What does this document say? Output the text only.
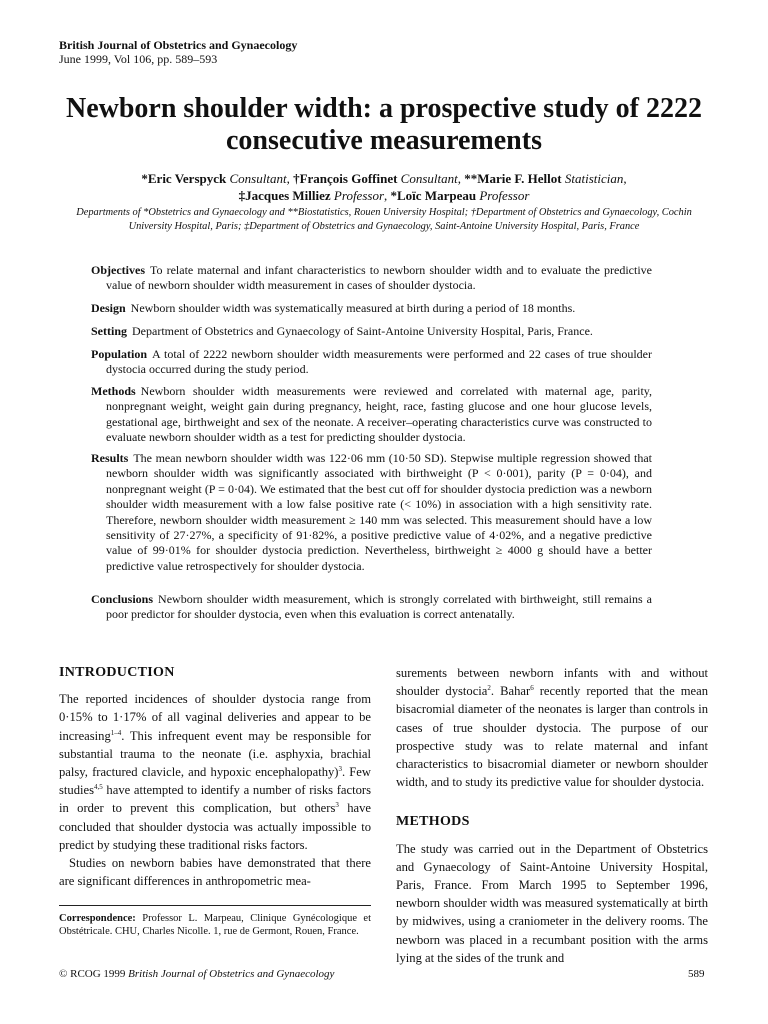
British Journal of Obstetrics and Gynaecology
June 1999, Vol 106, pp. 589–593
Newborn shoulder width: a prospective study of 2222
consecutive measurements
*Eric Verspyck Consultant, †François Goffinet Consultant, **Marie F. Hellot Statistician,
‡Jacques Milliez Professor, *Loïc Marpeau Professor
Departments of *Obstetrics and Gynaecology and **Biostatistics, Rouen University Hospital; †Department of Obstetrics and Gynaecology, Cochin University Hospital, Paris; ‡Department of Obstetrics and Gynaecology, Saint-Antoine University Hospital, Paris, France

Objectives To relate maternal and infant characteristics to newborn shoulder width and to evaluate the predictive value of newborn shoulder width measurement in cases of shoulder dystocia.

Design Newborn shoulder width was systematically measured at birth during a period of 18 months.

Setting Department of Obstetrics and Gynaecology of Saint-Antoine University Hospital, Paris, France.

Population A total of 2222 newborn shoulder width measurements were performed and 22 cases of true shoulder dystocia occurred during the study period.

Methods Newborn shoulder width measurements were reviewed and correlated with maternal age, parity, nonpregnant weight, weight gain during pregnancy, height, race, fasting glucose and one hour glucose levels, gestational age, birthweight and sex of the neonate. A receiver–operating characteristics curve was constructed to evaluate newborn shoulder width as a test for predicting shoulder dystocia.

Results The mean newborn shoulder width was 122·06 mm (10·50 SD). Stepwise multiple regression showed that newborn shoulder width was significantly associated with birthweight (P < 0·001), parity (P = 0·04), and nonpregnant weight (P = 0·04). We estimated that the best cut off for shoulder dystocia prediction was a newborn shoulder width measurement with a low false positive rate (< 10%) in association with a high sensitivity rate. Therefore, newborn shoulder width measurement ≥ 140 mm was selected. This measurement should have a low sensitivity of 27·27%, a specificity of 91·82%, a positive predictive value of 4·02%, and a negative predictive value of 99·01% for shoulder dystocia prediction. Nevertheless, birthweight ≥ 4000 g should have a better predictive value retrospectively for shoulder dystocia.

Conclusions Newborn shoulder width measurement, which is strongly correlated with birthweight, still remains a poor predictor for shoulder dystocia, even when this evaluation is correct antenatally.

INTRODUCTION

The reported incidences of shoulder dystocia range from 0·15% to 1·17% of all vaginal deliveries and appear to be increasing$^{1-4}$. This infrequent event may be responsible for substantial trauma to the neonate (i.e. asphyxia, brachial palsy, fractured clavicle, and hypoxic encephalopathy)$^3$. Few studies$^{4,5}$ have attempted to identify a number of risks factors in order to prevent this complication, but others$^3$ have concluded that shoulder dystocia was actually impossible to predict by studying these traditional risks factors.

Studies on newborn babies have demonstrated that there are significant differences in anthropometric mea-

Correspondence: Professor L. Marpeau, Clinique Gynécologique et Obstétricale. CHU, Charles Nicolle. 1, rue de Germont, Rouen, France.

surements between newborn infants with and without shoulder dystocia$^2$. Bahar$^6$ recently reported that the mean bisacromial diameter of the neonates is larger than controls in cases of true shoulder dystocia. The purpose of our prospective study was to relate maternal and infant characteristics to bisacromial diameter or newborn shoulder width, and to study its predictive value for shoulder dystocia.

METHODS

The study was carried out in the Department of Obstetrics and Gynaecology of Saint-Antoine University Hospital, Paris, France. From March 1995 to September 1996, newborn shoulder width was measured systematically at birth by midwives, using a craniometer in the delivery rooms. The newborn was placed in a recumbant position with the arms lying at the sides of the trunk and

© RCOG 1999 British Journal of Obstetrics and Gynaecology	589
